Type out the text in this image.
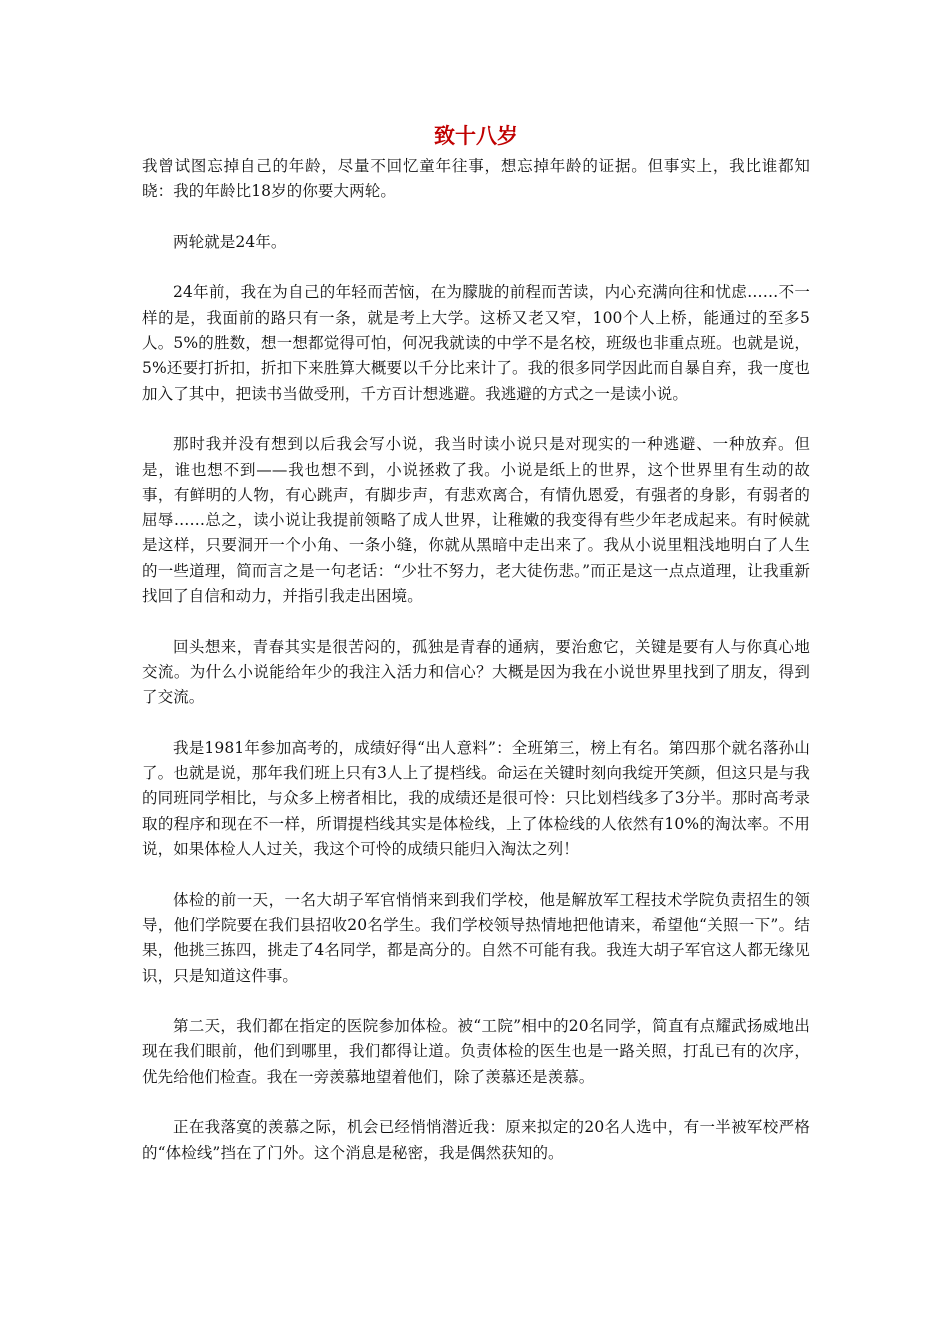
致十八岁

我曾试图忘掉自己的年龄，尽量不回忆童年往事，想忘掉年龄的证据。但事实上，我比谁都知晓：我的年龄比18岁的你要大两轮。

两轮就是24年。

24年前，我在为自己的年轻而苦恼，在为朦胧的前程而苦读，内心充满向往和忧虑……不一样的是，我面前的路只有一条，就是考上大学。这桥又老又窄，100个人上桥，能通过的至多5人。5%的胜数，想一想都觉得可怕，何况我就读的中学不是名校，班级也非重点班。也就是说，5%还要打折扣，折扣下来胜算大概要以千分比来计了。我的很多同学因此而自暴自弃，我一度也加入了其中，把读书当做受刑，千方百计想逃避。我逃避的方式之一是读小说。

那时我并没有想到以后我会写小说，我当时读小说只是对现实的一种逃避、一种放弃。但是，谁也想不到——我也想不到，小说拯救了我。小说是纸上的世界，这个世界里有生动的故事，有鲜明的人物，有心跳声，有脚步声，有悲欢离合，有情仇恩爱，有强者的身影，有弱者的屈辱……总之，读小说让我提前领略了成人世界，让稚嫩的我变得有些少年老成起来。有时候就是这样，只要洞开一个小角、一条小缝，你就从黑暗中走出来了。我从小说里粗浅地明白了人生的一些道理，简而言之是一句老话：“少壮不努力，老大徒伤悲。”而正是这一点点道理，让我重新找回了自信和动力，并指引我走出困境。

回头想来，青春其实是很苦闷的，孤独是青春的通病，要治愈它，关键是要有人与你真心地交流。为什么小说能给年少的我注入活力和信心？大概是因为我在小说世界里找到了朋友，得到了交流。

我是1981年参加高考的，成绩好得“出人意料”：全班第三，榜上有名。第四那个就名落孙山了。也就是说，那年我们班上只有3人上了提档线。命运在关键时刻向我绽开笑颜，但这只是与我的同班同学相比，与众多上榜者相比，我的成绩还是很可怜：只比划档线多了3分半。那时高考录取的程序和现在不一样，所谓提档线其实是体检线，上了体检线的人依然有10%的淘汰率。不用说，如果体检人人过关，我这个可怜的成绩只能归入淘汰之列！

体检的前一天，一名大胡子军官悄悄来到我们学校，他是解放军工程技术学院负责招生的领导，他们学院要在我们县招收20名学生。我们学校领导热情地把他请来，希望他“关照一下”。结果，他挑三拣四，挑走了4名同学，都是高分的。自然不可能有我。我连大胡子军官这人都无缘见识，只是知道这件事。

第二天，我们都在指定的医院参加体检。被“工院”相中的20名同学，简直有点耀武扬威地出现在我们眼前，他们到哪里，我们都得让道。负责体检的医生也是一路关照，打乱已有的次序，优先给他们检查。我在一旁羡慕地望着他们，除了羡慕还是羡慕。

正在我落寞的羡慕之际，机会已经悄悄潜近我：原来拟定的20名人选中，有一半被军校严格的“体检线”挡在了门外。这个消息是秘密，我是偶然获知的。
